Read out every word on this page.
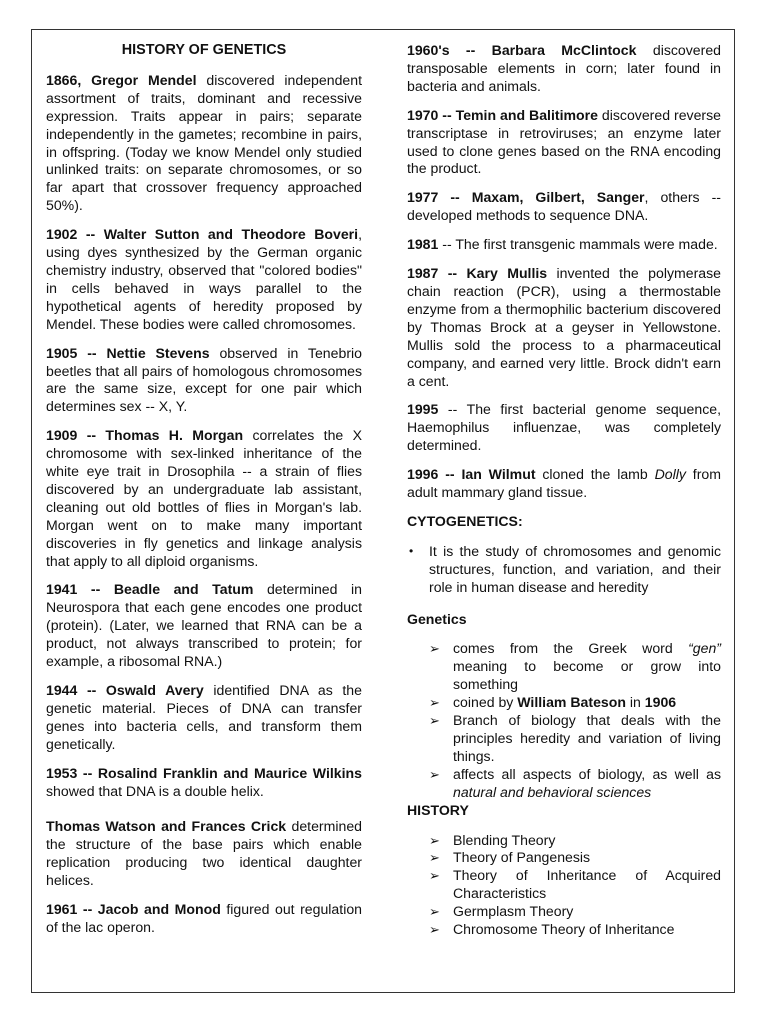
HISTORY OF GENETICS

1866, Gregor Mendel discovered independent assortment of traits, dominant and recessive expression. Traits appear in pairs; separate independently in the gametes; recombine in pairs, in offspring. (Today we know Mendel only studied unlinked traits: on separate chromosomes, or so far apart that crossover frequency approached 50%).

1902 -- Walter Sutton and Theodore Boveri, using dyes synthesized by the German organic chemistry industry, observed that "colored bodies" in cells behaved in ways parallel to the hypothetical agents of heredity proposed by Mendel. These bodies were called chromosomes.

1905 -- Nettie Stevens observed in Tenebrio beetles that all pairs of homologous chromosomes are the same size, except for one pair which determines sex -- X, Y.

1909 -- Thomas H. Morgan correlates the X chromosome with sex-linked inheritance of the white eye trait in Drosophila -- a strain of flies discovered by an undergraduate lab assistant, cleaning out old bottles of flies in Morgan's lab. Morgan went on to make many important discoveries in fly genetics and linkage analysis that apply to all diploid organisms.

1941 -- Beadle and Tatum determined in Neurospora that each gene encodes one product (protein). (Later, we learned that RNA can be a product, not always transcribed to protein; for example, a ribosomal RNA.)

1944 -- Oswald Avery identified DNA as the genetic material. Pieces of DNA can transfer genes into bacteria cells, and transform them genetically.

1953 -- Rosalind Franklin and Maurice Wilkins showed that DNA is a double helix.

Thomas Watson and Frances Crick determined the structure of the base pairs which enable replication producing two identical daughter helices.

1961 -- Jacob and Monod figured out regulation of the lac operon.

1960's -- Barbara McClintock discovered transposable elements in corn; later found in bacteria and animals.

1970 -- Temin and Balitimore discovered reverse transcriptase in retroviruses; an enzyme later used to clone genes based on the RNA encoding the product.

1977 -- Maxam, Gilbert, Sanger, others -- developed methods to sequence DNA.

1981 -- The first transgenic mammals were made.

1987 -- Kary Mullis invented the polymerase chain reaction (PCR), using a thermostable enzyme from a thermophilic bacterium discovered by Thomas Brock at a geyser in Yellowstone. Mullis sold the process to a pharmaceutical company, and earned very little. Brock didn't earn a cent.

1995 -- The first bacterial genome sequence, Haemophilus influenzae, was completely determined.

1996 -- Ian Wilmut cloned the lamb Dolly from adult mammary gland tissue.

CYTOGENETICS:
•	It is the study of chromosomes and genomic structures, function, and variation, and their role in human disease and heredity
Genetics
➢ comes from the Greek word “gen” meaning to become or grow into something
➢ coined by William Bateson in 1906
➢ Branch of biology that deals with the principles heredity and variation of living things.
➢ affects all aspects of biology, as well as natural and behavioral sciences
HISTORY
➢ Blending Theory
➢ Theory of Pangenesis
➢ Theory of Inheritance of Acquired Characteristics
➢ Germplasm Theory
➢ Chromosome Theory of Inheritance
